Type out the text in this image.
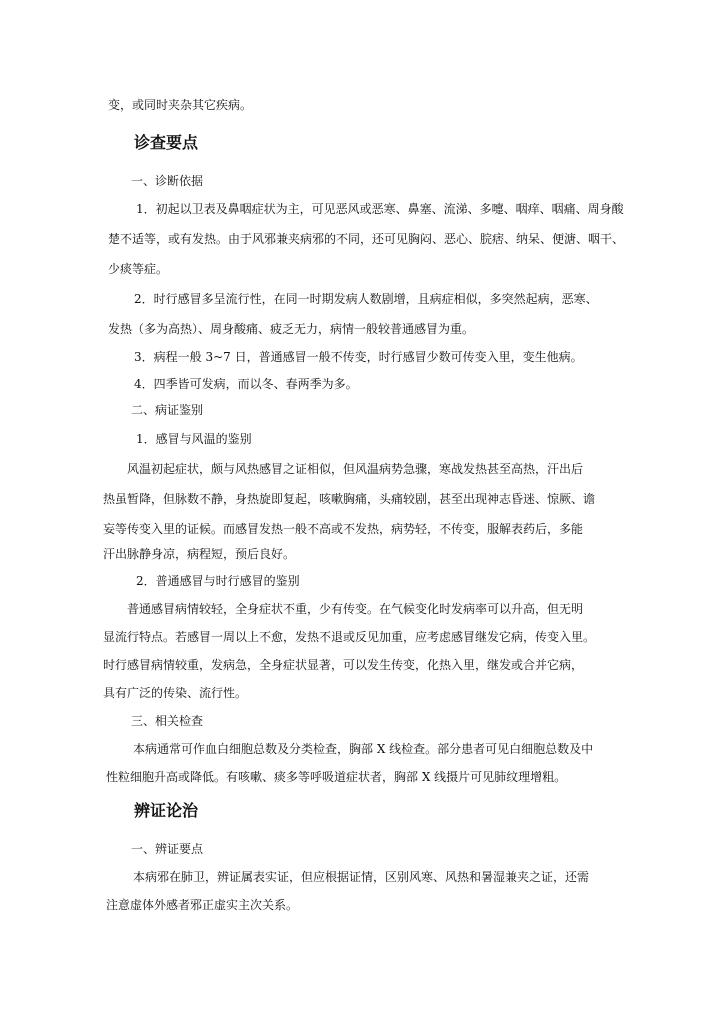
变，或同时夹杂其它疾病。
诊查要点
一、诊断依据
1．初起以卫表及鼻咽症状为主，可见恶风或恶寒、鼻塞、流涕、多嚏、咽痒、咽痛、周身酸
楚不适等，或有发热。由于风邪兼夹病邪的不同，还可见胸闷、恶心、脘痞、纳呆、便溏、咽干、
少痰等症。
2．时行感冒多呈流行性，在同一时期发病人数剧增，且病症相似，多突然起病，恶寒、
发热（多为高热）、周身酸痛、疲乏无力，病情一般较普通感冒为重。
3．病程一般 3~7 日，普通感冒一般不传变，时行感冒少数可传变入里，变生他病。
4．四季皆可发病，而以冬、春两季为多。
二、病证鉴别
1．感冒与风温的鉴别
风温初起症状，颇与风热感冒之证相似，但风温病势急骤，寒战发热甚至高热，汗出后
热虽暂降，但脉数不静，身热旋即复起，咳嗽胸痛，头痛较剧，甚至出现神志昏迷、惊厥、谵
妄等传变入里的证候。而感冒发热一般不高或不发热，病势轻，不传变，服解表药后，多能
汗出脉静身凉，病程短，预后良好。
2．普通感冒与时行感冒的鉴别
普通感冒病情较轻，全身症状不重，少有传变。在气候变化时发病率可以升高，但无明
显流行特点。若感冒一周以上不愈，发热不退或反见加重，应考虑感冒继发它病，传变入里。
时行感冒病情较重，发病急，全身症状显著，可以发生传变，化热入里，继发或合并它病，
具有广泛的传染、流行性。
三、相关检查
本病通常可作血白细胞总数及分类检查，胸部 X 线检查。部分患者可见白细胞总数及中
性粒细胞升高或降低。有咳嗽、痰多等呼吸道症状者，胸部 X 线摄片可见肺纹理增粗。
辨证论治
一、辨证要点
本病邪在肺卫，辨证属表实证，但应根据证情，区别风寒、风热和暑湿兼夹之证，还需
注意虚体外感者邪正虚实主次关系。
